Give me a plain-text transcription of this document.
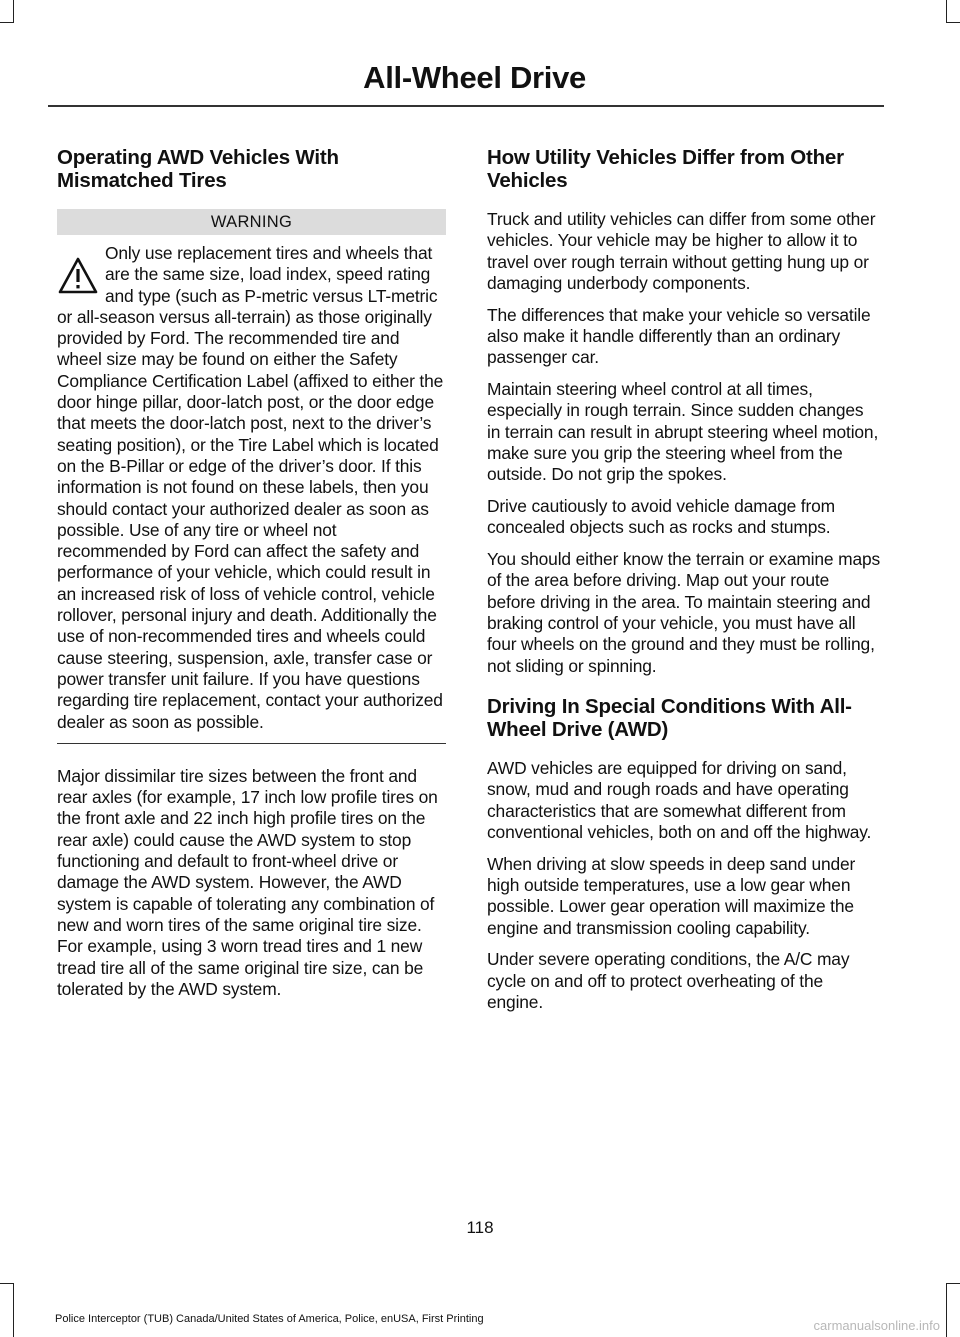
All-Wheel Drive
Operating AWD Vehicles With Mismatched Tires
WARNING
Only use replacement tires and wheels that are the same size, load index, speed rating and type (such as P-metric versus LT-metric or all-season versus all-terrain) as those originally provided by Ford. The recommended tire and wheel size may be found on either the Safety Compliance Certification Label (affixed to either the door hinge pillar, door-latch post, or the door edge that meets the door-latch post, next to the driver’s seating position), or the Tire Label which is located on the B-Pillar or edge of the driver’s door. If this information is not found on these labels, then you should contact your authorized dealer as soon as possible. Use of any tire or wheel not recommended by Ford can affect the safety and performance of your vehicle, which could result in an increased risk of loss of vehicle control, vehicle rollover, personal injury and death. Additionally the use of non-recommended tires and wheels could cause steering, suspension, axle, transfer case or power transfer unit failure. If you have questions regarding tire replacement, contact your authorized dealer as soon as possible.

Major dissimilar tire sizes between the front and rear axles (for example, 17 inch low profile tires on the front axle and 22 inch high profile tires on the rear axle) could cause the AWD system to stop functioning and default to front-wheel drive or damage the AWD system. However, the AWD system is capable of tolerating any combination of new and worn tires of the same original tire size. For example, using 3 worn tread tires and 1 new tread tire all of the same original tire size, can be tolerated by the AWD system.

How Utility Vehicles Differ from Other Vehicles

Truck and utility vehicles can differ from some other vehicles. Your vehicle may be higher to allow it to travel over rough terrain without getting hung up or damaging underbody components.

The differences that make your vehicle so versatile also make it handle differently than an ordinary passenger car.

Maintain steering wheel control at all times, especially in rough terrain. Since sudden changes in terrain can result in abrupt steering wheel motion, make sure you grip the steering wheel from the outside. Do not grip the spokes.

Drive cautiously to avoid vehicle damage from concealed objects such as rocks and stumps.

You should either know the terrain or examine maps of the area before driving. Map out your route before driving in the area. To maintain steering and braking control of your vehicle, you must have all four wheels on the ground and they must be rolling, not sliding or spinning.

Driving In Special Conditions With All-Wheel Drive (AWD)

AWD vehicles are equipped for driving on sand, snow, mud and rough roads and have operating characteristics that are somewhat different from conventional vehicles, both on and off the highway.

When driving at slow speeds in deep sand under high outside temperatures, use a low gear when possible. Lower gear operation will maximize the engine and transmission cooling capability.

Under severe operating conditions, the A/C may cycle on and off to protect overheating of the engine.

118
Police Interceptor (TUB) Canada/United States of America, Police, enUSA, First Printing	carmanualsonline.info
